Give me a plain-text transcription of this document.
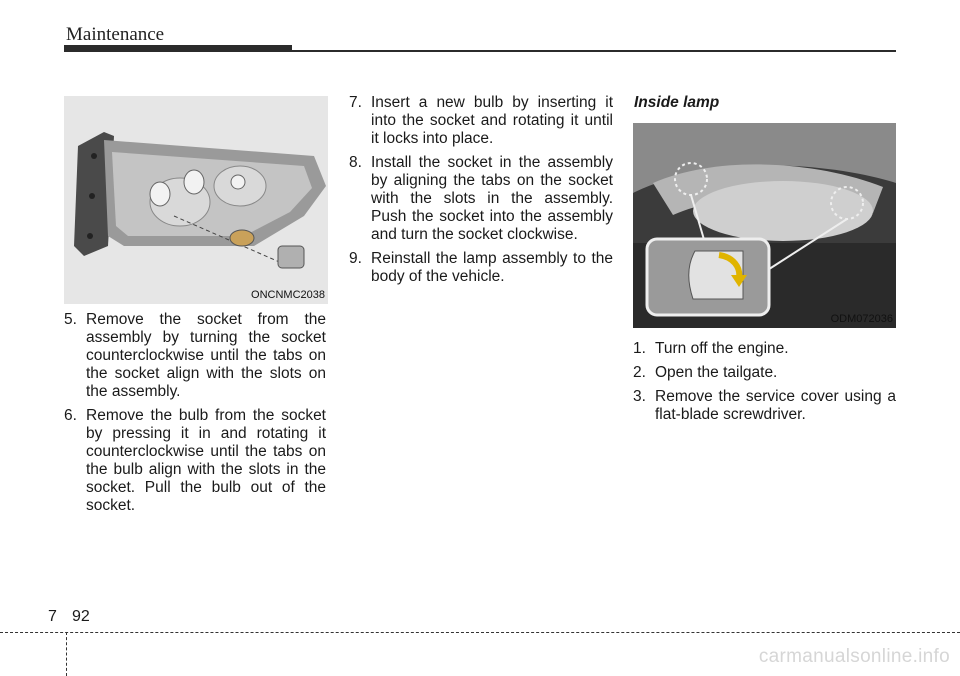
Maintenance
ONCNMC2038
5. Remove the socket from the assembly by turning the socket counterclockwise until the tabs on the socket align with the slots on the assembly.
6. Remove the bulb from the socket by pressing it in and rotating it counterclockwise until the tabs on the bulb align with the slots in the socket. Pull the bulb out of the socket.
7. Insert a new bulb by inserting it into the socket and rotating it until it locks into place.
8. Install the socket in the assembly by aligning the tabs on the socket with the slots in the assembly. Push the socket into the assembly and turn the socket clockwise.
9. Reinstall the lamp assembly to the body of the vehicle.
Inside lamp
ODM072036
1. Turn off the engine.
2. Open the tailgate.
3. Remove the service cover using a flat-blade screwdriver.
7 92
carmanualsonline.info
